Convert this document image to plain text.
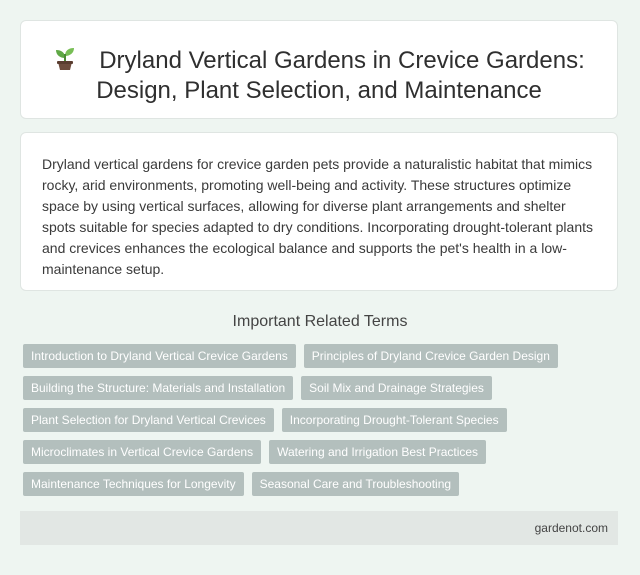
Dryland Vertical Gardens in Crevice Gardens:
Design, Plant Selection, and Maintenance

Dryland vertical gardens for crevice garden pets provide a naturalistic habitat that mimics rocky, arid environments, promoting well-being and activity. These structures optimize space by using vertical surfaces, allowing for diverse plant arrangements and shelter spots suitable for species adapted to dry conditions. Incorporating drought-tolerant plants and crevices enhances the ecological balance and supports the pet's health in a low-maintenance setup.

Important Related Terms
Introduction to Dryland Vertical Crevice Gardens	Principles of Dryland Crevice Garden Design
Building the Structure: Materials and Installation	Soil Mix and Drainage Strategies
Plant Selection for Dryland Vertical Crevices	Incorporating Drought-Tolerant Species
Microclimates in Vertical Crevice Gardens	Watering and Irrigation Best Practices
Maintenance Techniques for Longevity	Seasonal Care and Troubleshooting
gardenot.com
